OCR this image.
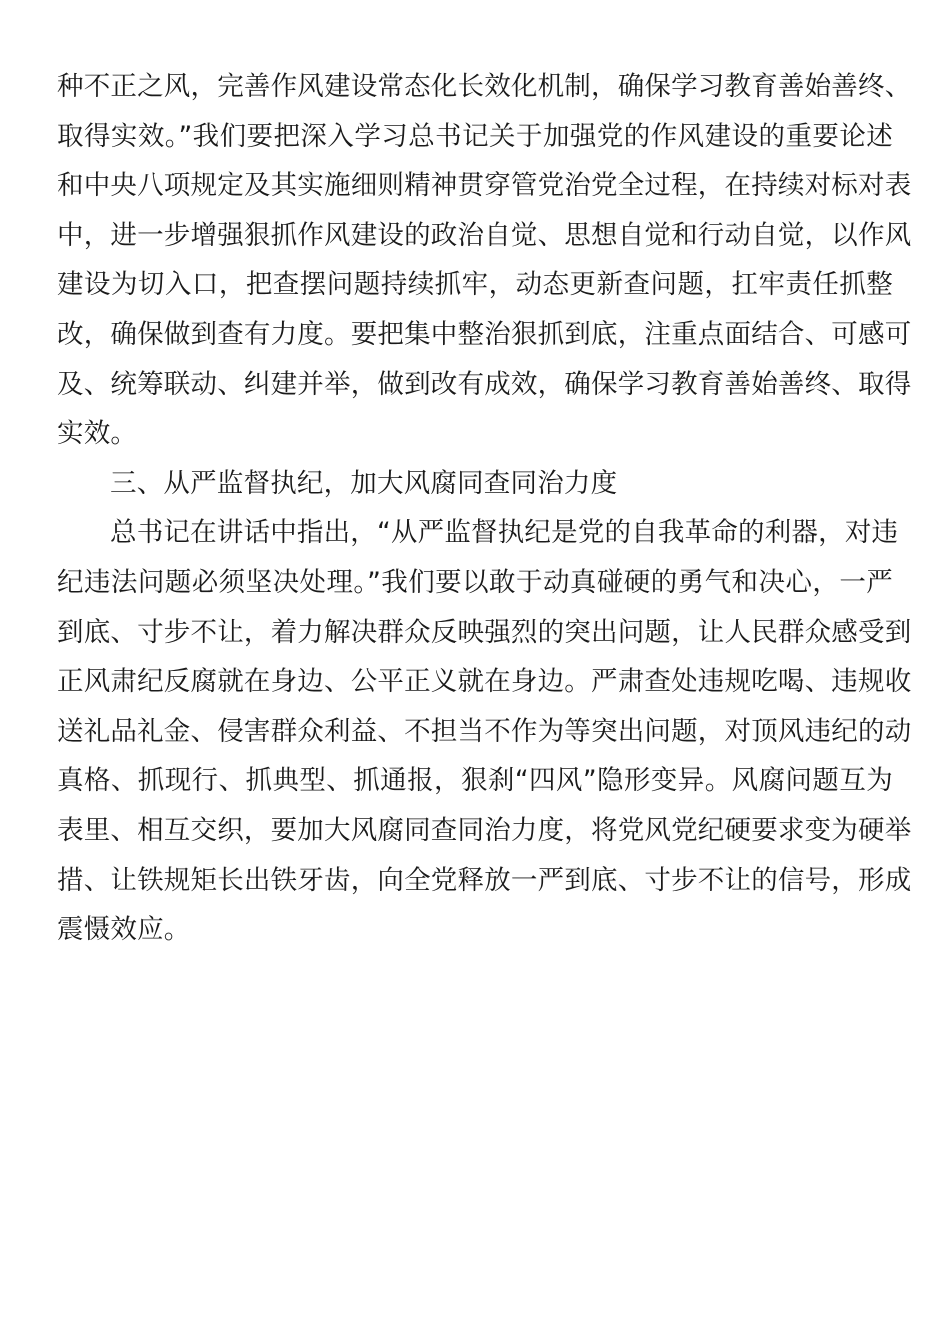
种不正之风，完善作风建设常态化长效化机制，确保学习教育善始善终、
取得实效。”我们要把深入学习总书记关于加强党的作风建设的重要论述
和中央八项规定及其实施细则精神贯穿管党治党全过程，在持续对标对表
中，进一步增强狠抓作风建设的政治自觉、思想自觉和行动自觉，以作风
建设为切入口，把查摆问题持续抓牢，动态更新查问题，扛牢责任抓整
改，确保做到查有力度。要把集中整治狠抓到底，注重点面结合、可感可
及、统筹联动、纠建并举，做到改有成效，确保学习教育善始善终、取得
实效。
三、从严监督执纪，加大风腐同查同治力度
总书记在讲话中指出，“从严监督执纪是党的自我革命的利器，对违
纪违法问题必须坚决处理。”我们要以敢于动真碰硬的勇气和决心，一严
到底、寸步不让，着力解决群众反映强烈的突出问题，让人民群众感受到
正风肃纪反腐就在身边、公平正义就在身边。严肃查处违规吃喝、违规收
送礼品礼金、侵害群众利益、不担当不作为等突出问题，对顶风违纪的动
真格、抓现行、抓典型、抓通报，狠刹“四风”隐形变异。风腐问题互为
表里、相互交织，要加大风腐同查同治力度，将党风党纪硬要求变为硬举
措、让铁规矩长出铁牙齿，向全党释放一严到底、寸步不让的信号，形成
震慑效应。
